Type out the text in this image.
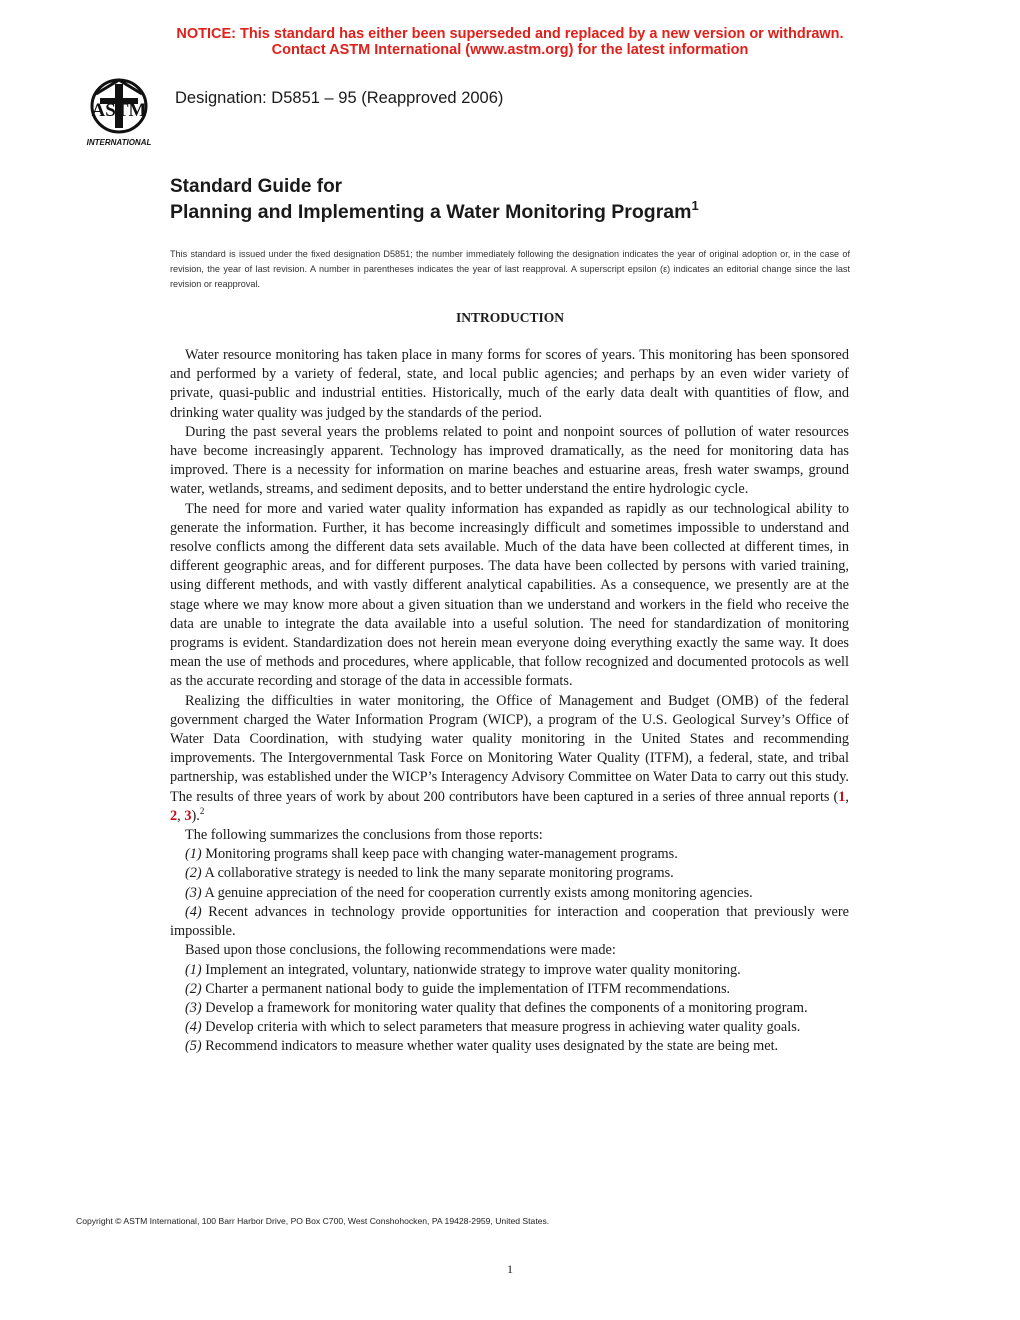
NOTICE: This standard has either been superseded and replaced by a new version or withdrawn.
Contact ASTM International (www.astm.org) for the latest information
ASTM
INTERNATIONAL
Designation: D5851 – 95 (Reapproved 2006)
Standard Guide for
Planning and Implementing a Water Monitoring Program$^1$
This standard is issued under the fixed designation D5851; the number immediately following the designation indicates the year of original adoption or, in the case of revision, the year of last revision. A number in parentheses indicates the year of last reapproval. A superscript epsilon (ε) indicates an editorial change since the last revision or reapproval.
INTRODUCTION

Water resource monitoring has taken place in many forms for scores of years. This monitoring has been sponsored and performed by a variety of federal, state, and local public agencies; and perhaps by an even wider variety of private, quasi-public and industrial entities. Historically, much of the early data dealt with quantities of flow, and drinking water quality was judged by the standards of the period.

During the past several years the problems related to point and nonpoint sources of pollution of water resources have become increasingly apparent. Technology has improved dramatically, as the need for monitoring data has improved. There is a necessity for information on marine beaches and estuarine areas, fresh water swamps, ground water, wetlands, streams, and sediment deposits, and to better understand the entire hydrologic cycle.

The need for more and varied water quality information has expanded as rapidly as our technological ability to generate the information. Further, it has become increasingly difficult and sometimes impossible to understand and resolve conflicts among the different data sets available. Much of the data have been collected at different times, in different geographic areas, and for different purposes. The data have been collected by persons with varied training, using different methods, and with vastly different analytical capabilities. As a consequence, we presently are at the stage where we may know more about a given situation than we understand and workers in the field who receive the data are unable to integrate the data available into a useful solution. The need for standardization of monitoring programs is evident. Standardization does not herein mean everyone doing everything exactly the same way. It does mean the use of methods and procedures, where applicable, that follow recognized and documented protocols as well as the accurate recording and storage of the data in accessible formats.

Realizing the difficulties in water monitoring, the Office of Management and Budget (OMB) of the federal government charged the Water Information Program (WICP), a program of the U.S. Geological Survey’s Office of Water Data Coordination, with studying water quality monitoring in the United States and recommending improvements. The Intergovernmental Task Force on Monitoring Water Quality (ITFM), a federal, state, and tribal partnership, was established under the WICP’s Interagency Advisory Committee on Water Data to carry out this study. The results of three years of work by about 200 contributors have been captured in a series of three annual reports (1, 2, 3).$^2$

The following summarizes the conclusions from those reports:

(1) Monitoring programs shall keep pace with changing water-management programs.

(2) A collaborative strategy is needed to link the many separate monitoring programs.

(3) A genuine appreciation of the need for cooperation currently exists among monitoring agencies.

(4) Recent advances in technology provide opportunities for interaction and cooperation that previously were impossible.

Based upon those conclusions, the following recommendations were made:

(1) Implement an integrated, voluntary, nationwide strategy to improve water quality monitoring.

(2) Charter a permanent national body to guide the implementation of ITFM recommendations.

(3) Develop a framework for monitoring water quality that defines the components of a monitoring program.

(4) Develop criteria with which to select parameters that measure progress in achieving water quality goals.

(5) Recommend indicators to measure whether water quality uses designated by the state are being met.

Copyright © ASTM International, 100 Barr Harbor Drive, PO Box C700, West Conshohocken, PA 19428-2959, United States.
1
